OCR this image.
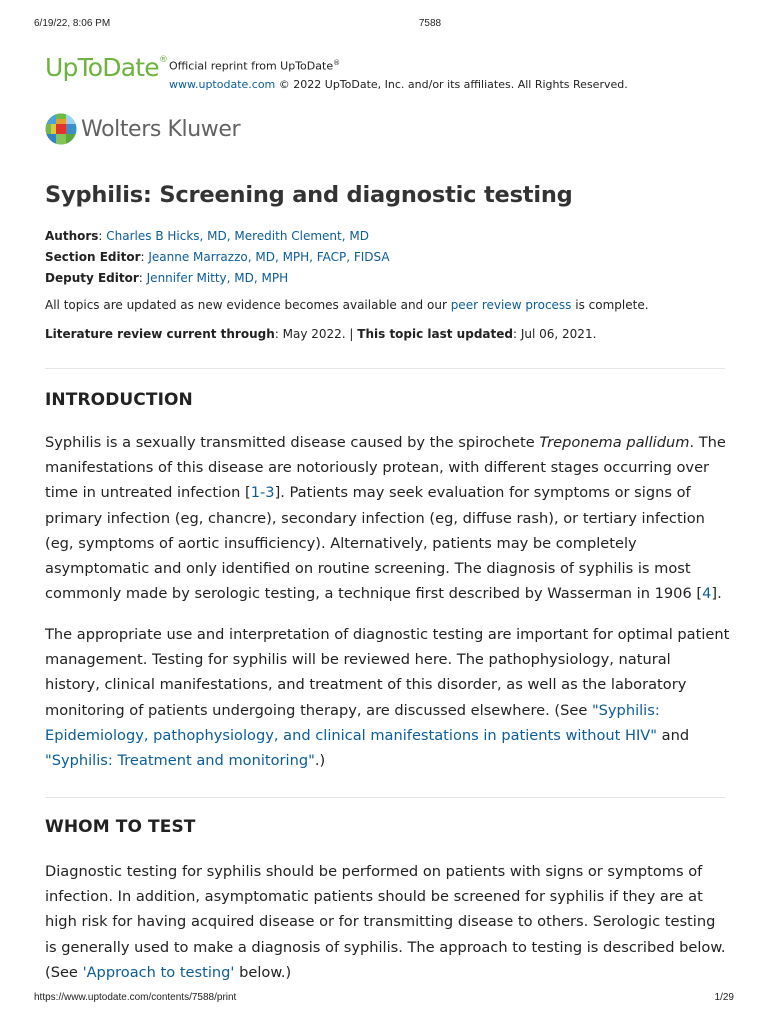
6/19/22, 8:06 PM	7588
UpToDate® Official reprint from UpToDate®
www.uptodate.com © 2022 UpToDate, Inc. and/or its affiliates. All Rights Reserved.
Wolters Kluwer
Syphilis: Screening and diagnostic testing
Authors: Charles B Hicks, MD, Meredith Clement, MD
Section Editor: Jeanne Marrazzo, MD, MPH, FACP, FIDSA
Deputy Editor: Jennifer Mitty, MD, MPH
All topics are updated as new evidence becomes available and our peer review process is complete.
Literature review current through: May 2022. | This topic last updated: Jul 06, 2021.
INTRODUCTION

Syphilis is a sexually transmitted disease caused by the spirochete Treponema pallidum. The manifestations of this disease are notoriously protean, with different stages occurring over time in untreated infection [1-3]. Patients may seek evaluation for symptoms or signs of primary infection (eg, chancre), secondary infection (eg, diffuse rash), or tertiary infection (eg, symptoms of aortic insufficiency). Alternatively, patients may be completely asymptomatic and only identified on routine screening. The diagnosis of syphilis is most commonly made by serologic testing, a technique first described by Wasserman in 1906 [4].

The appropriate use and interpretation of diagnostic testing are important for optimal patient management. Testing for syphilis will be reviewed here. The pathophysiology, natural history, clinical manifestations, and treatment of this disorder, as well as the laboratory monitoring of patients undergoing therapy, are discussed elsewhere. (See "Syphilis: Epidemiology, pathophysiology, and clinical manifestations in patients without HIV" and "Syphilis: Treatment and monitoring".)

WHOM TO TEST

Diagnostic testing for syphilis should be performed on patients with signs or symptoms of infection. In addition, asymptomatic patients should be screened for syphilis if they are at high risk for having acquired disease or for transmitting disease to others. Serologic testing is generally used to make a diagnosis of syphilis. The approach to testing is described below. (See 'Approach to testing' below.)

https://www.uptodate.com/contents/7588/print	1/29
